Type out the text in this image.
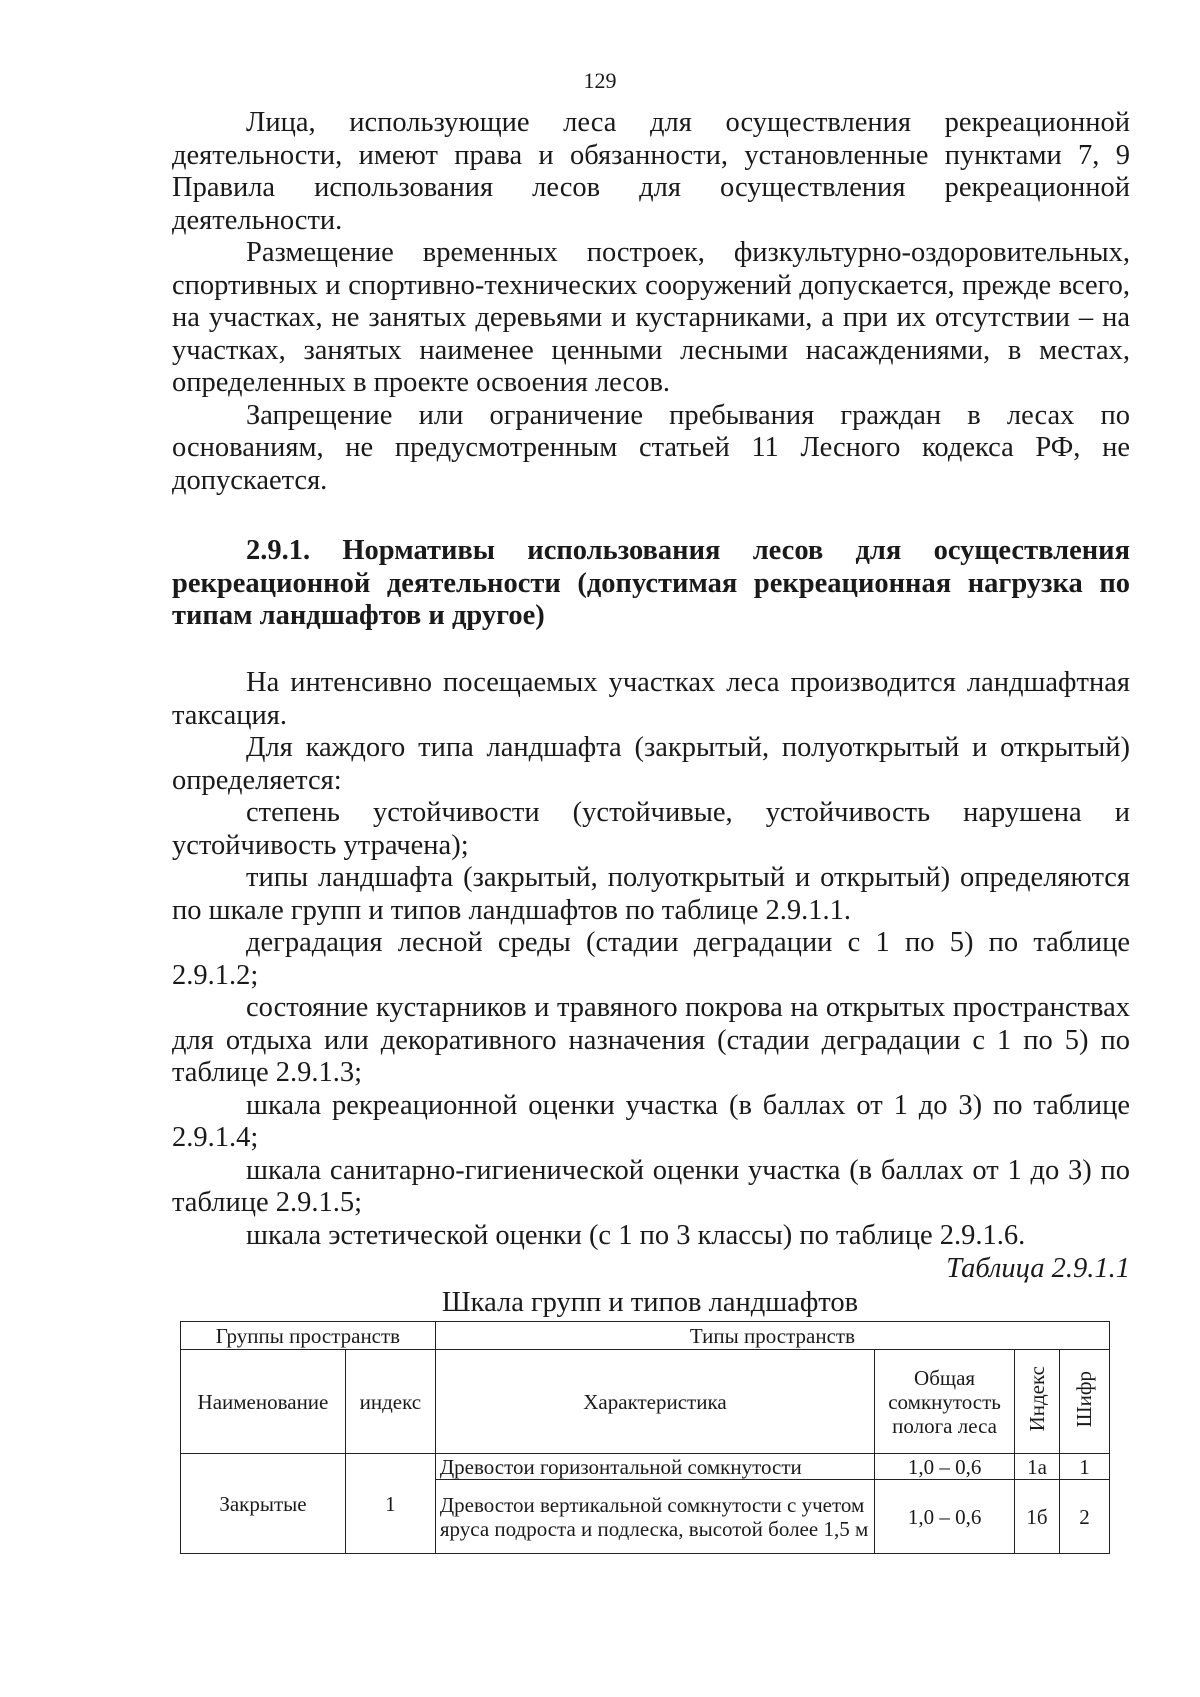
129

Лица, использующие леса для осуществления рекреационной деятельности, имеют права и обязанности, установленные пунктами 7, 9 Правила использования лесов для осуществления рекреационной деятельности.

Размещение временных построек, физкультурно-оздоровительных, спортивных и спортивно-технических сооружений допускается, прежде всего, на участках, не занятых деревьями и кустарниками, а при их отсутствии – на участках, занятых наименее ценными лесными насаждениями, в местах, определенных в проекте освоения лесов.

Запрещение или ограничение пребывания граждан в лесах по основаниям, не предусмотренным статьей 11 Лесного кодекса РФ, не допускается.

2.9.1. Нормативы использования лесов для осуществления рекреационной деятельности (допустимая рекреационная нагрузка по типам ландшафтов и другое)

На интенсивно посещаемых участках леса производится ландшафтная таксация.

Для каждого типа ландшафта (закрытый, полуоткрытый и открытый) определяется:

степень устойчивости (устойчивые, устойчивость нарушена и устойчивость утрачена);

типы ландшафта (закрытый, полуоткрытый и открытый) определяются по шкале групп и типов ландшафтов по таблице 2.9.1.1.

деградация лесной среды (стадии деградации с 1 по 5) по таблице 2.9.1.2;

состояние кустарников и травяного покрова на открытых пространствах для отдыха или декоративного назначения (стадии деградации с 1 по 5) по таблице 2.9.1.3;

шкала рекреационной оценки участка (в баллах от 1 до 3) по таблице 2.9.1.4;

шкала санитарно-гигиенической оценки участка (в баллах от 1 до 3) по таблице 2.9.1.5;

шкала эстетической оценки (с 1 по 3 классы) по таблице 2.9.1.6.

Таблица 2.9.1.1
Шкала групп и типов ландшафтов
Группы пространств		Типы пространств			
Наименование	индекс	Характеристика	Общая сомкнутость полога леса	Индекс	Шифр
Закрытые	1	Древостои горизонтальной сомкнутости	1,0 – 0,6	1а	1
		Древостои вертикальной сомкнутости с учетом яруса подроста и подлеска, высотой более 1,5 м	1,0 – 0,6	1б	2
